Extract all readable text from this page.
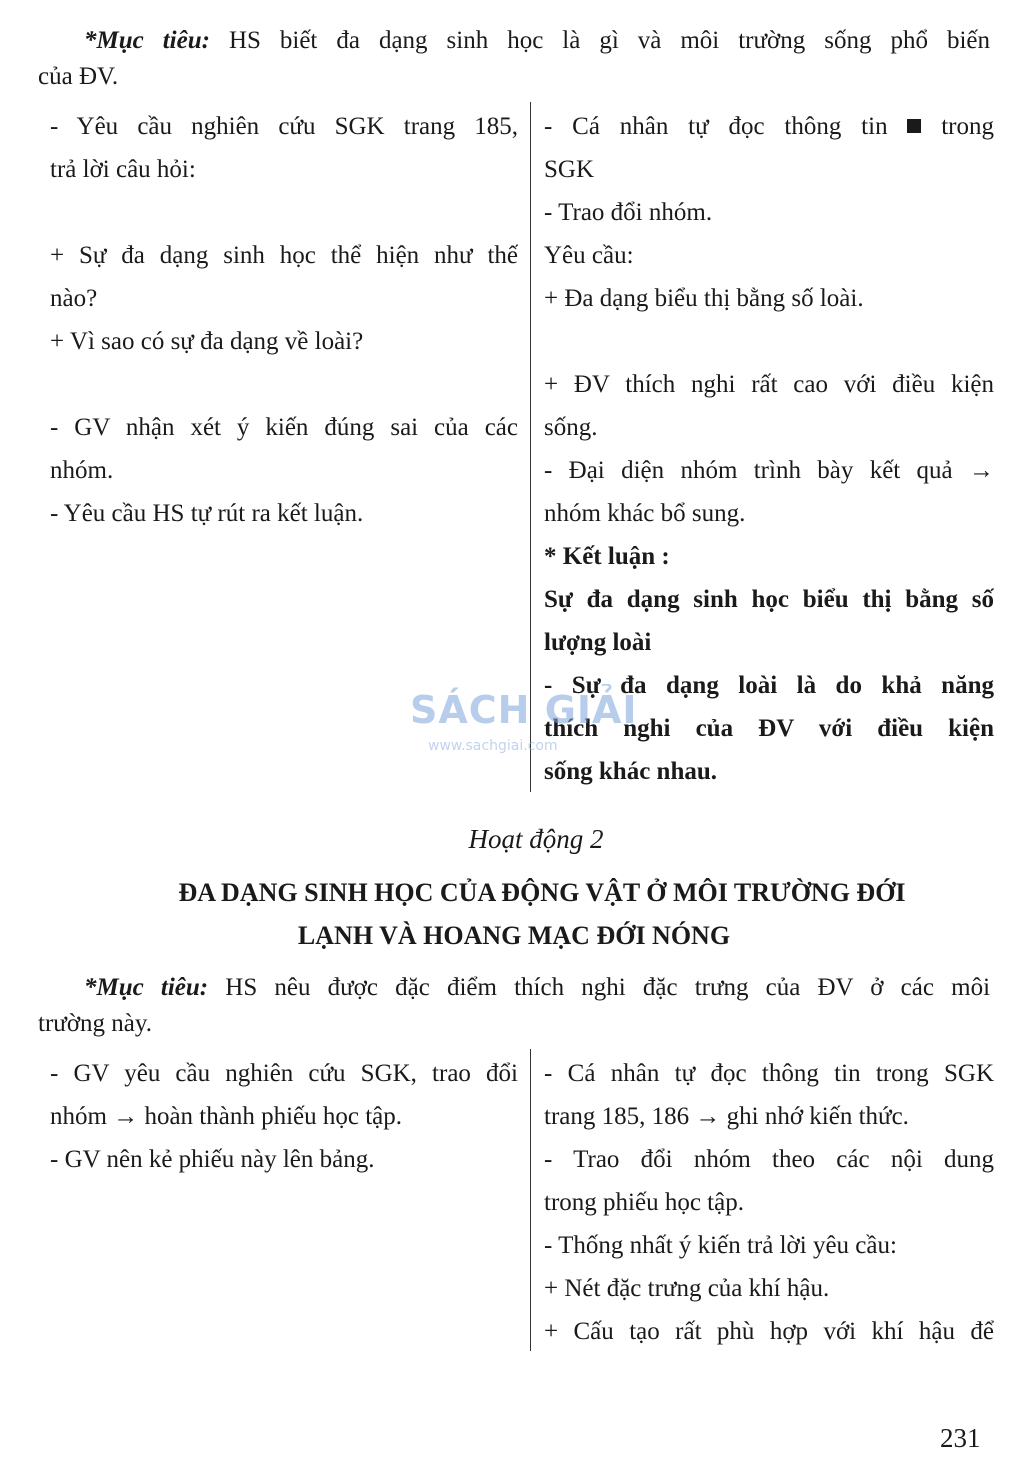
*Mục tiêu: HS biết đa dạng sinh học là gì và môi trường sống phổ biến
của ĐV.
- Yêu cầu nghiên cứu SGK trang 185,
trả lời câu hỏi:
+ Sự đa dạng sinh học thể hiện như thế
nào?
+ Vì sao có sự đa dạng về loài?
- GV nhận xét ý kiến đúng sai của các
nhóm.
- Yêu cầu HS tự rút ra kết luận.
- Cá nhân tự đọc thông tin trong
SGK
- Trao đổi nhóm.
Yêu cầu:
+ Đa dạng biểu thị bằng số loài.
+ ĐV thích nghi rất cao với điều kiện
sống.
- Đại diện nhóm trình bày kết quả →
nhóm khác bổ sung.
* Kết luận :
Sự đa dạng sinh học biểu thị bằng số
lượng loài
- Sự đa dạng loài là do khả năng
thích nghi của ĐV với điều kiện
sống khác nhau.
SÁCH GIẢI
www.sachgiai.com
Hoạt động 2
ĐA DẠNG SINH HỌC CỦA ĐỘNG VẬT Ở MÔI TRƯỜNG ĐỚI
LẠNH VÀ HOANG MẠC ĐỚI NÓNG
*Mục tiêu: HS nêu được đặc điểm thích nghi đặc trưng của ĐV ở các môi
trường này.
- GV yêu cầu nghiên cứu SGK, trao đổi
nhóm → hoàn thành phiếu học tập.
- GV nên kẻ phiếu này lên bảng.
- Cá nhân tự đọc thông tin trong SGK
trang 185, 186 → ghi nhớ kiến thức.
- Trao đổi nhóm theo các nội dung
trong phiếu học tập.
- Thống nhất ý kiến trả lời yêu cầu:
+ Nét đặc trưng của khí hậu.
+ Cấu tạo rất phù hợp với khí hậu để
231
